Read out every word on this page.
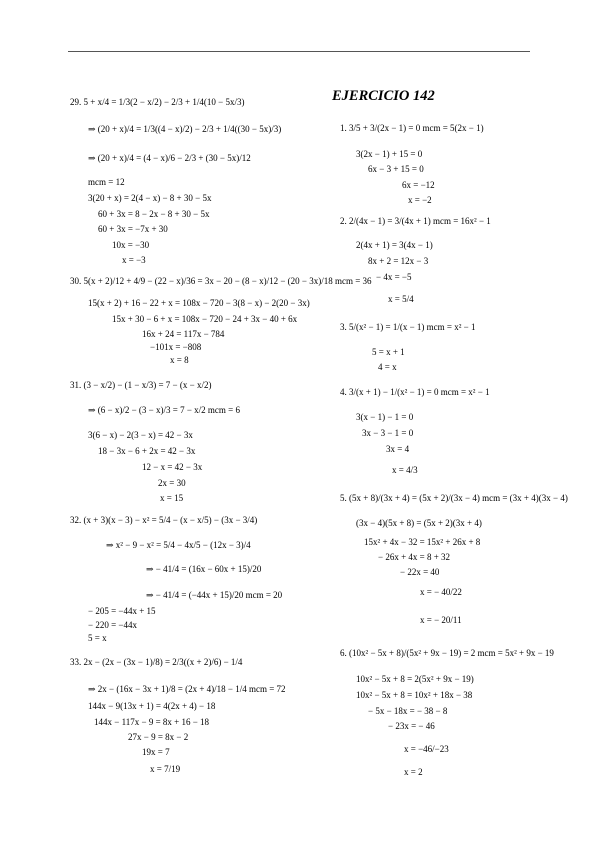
EJERCICIO 142
29. 5 + x/4 = 1/3(2 − x/2) − 2/3 + 1/4(10 − 5x/3)
⇒ (20 + x)/4 = 1/3((4 − x)/2) − 2/3 + 1/4((30 − 5x)/3)
⇒ (20 + x)/4 = (4 − x)/6 − 2/3 + (30 − 5x)/12
mcm = 12
3(20 + x) = 2(4 − x) − 8 + 30 − 5x
60 + 3x = 8 − 2x − 8 + 30 − 5x
60 + 3x = −7x + 30
10x = −30
x = −3
30. 5(x + 2)/12 + 4/9 − (22 − x)/36 = 3x − 20 − (8 − x)/12 − (20 − 3x)/18 mcm = 36
15(x + 2) + 16 − 22 + x = 108x − 720 − 3(8 − x) − 2(20 − 3x)
15x + 30 − 6 + x = 108x − 720 − 24 + 3x − 40 + 6x
16x + 24 = 117x − 784
−101x = −808
x = 8
31. (3 − x/2) − (1 − x/3) = 7 − (x − x/2)
⇒ (6 − x)/2 − (3 − x)/3 = 7 − x/2 mcm = 6
3(6 − x) − 2(3 − x) = 42 − 3x
18 − 3x − 6 + 2x = 42 − 3x
12 − x = 42 − 3x
2x = 30
x = 15
32. (x + 3)(x − 3) − x² = 5/4 − (x − x/5) − (3x − 3/4)
⇒ x² − 9 − x² = 5/4 − 4x/5 − (12x − 3)/4
⇒ − 41/4 = (16x − 60x + 15)/20
⇒ − 41/4 = (−44x + 15)/20 mcm = 20
− 205 = −44x + 15
− 220 = −44x
5 = x
33. 2x − (2x − (3x − 1)/8) = 2/3((x + 2)/6) − 1/4
⇒ 2x − (16x − 3x + 1)/8 = (2x + 4)/18 − 1/4 mcm = 72
144x − 9(13x + 1) = 4(2x + 4) − 18
144x − 117x − 9 = 8x + 16 − 18
27x − 9 = 8x − 2
19x = 7
x = 7/19
1. 3/5 + 3/(2x − 1) = 0 mcm = 5(2x − 1)
3(2x − 1) + 15 = 0
6x − 3 + 15 = 0
6x = −12
x = −2
2. 2/(4x − 1) = 3/(4x + 1) mcm = 16x² − 1
2(4x + 1) = 3(4x − 1)
8x + 2 = 12x − 3
− 4x = −5
x = 5/4
3. 5/(x² − 1) = 1/(x − 1) mcm = x² − 1
5 = x + 1
4 = x
4. 3/(x + 1) − 1/(x² − 1) = 0 mcm = x² − 1
3(x − 1) − 1 = 0
3x − 3 − 1 = 0
3x = 4
x = 4/3
5. (5x + 8)/(3x + 4) = (5x + 2)/(3x − 4) mcm = (3x + 4)(3x − 4)
(3x − 4)(5x + 8) = (5x + 2)(3x + 4)
15x² + 4x − 32 = 15x² + 26x + 8
− 26x + 4x = 8 + 32
− 22x = 40
x = − 40/22
x = − 20/11
6. (10x² − 5x + 8)/(5x² + 9x − 19) = 2 mcm = 5x² + 9x − 19
10x² − 5x + 8 = 2(5x² + 9x − 19)
10x² − 5x + 8 = 10x² + 18x − 38
− 5x − 18x = − 38 − 8
− 23x = − 46
x = −46/−23
x = 2
